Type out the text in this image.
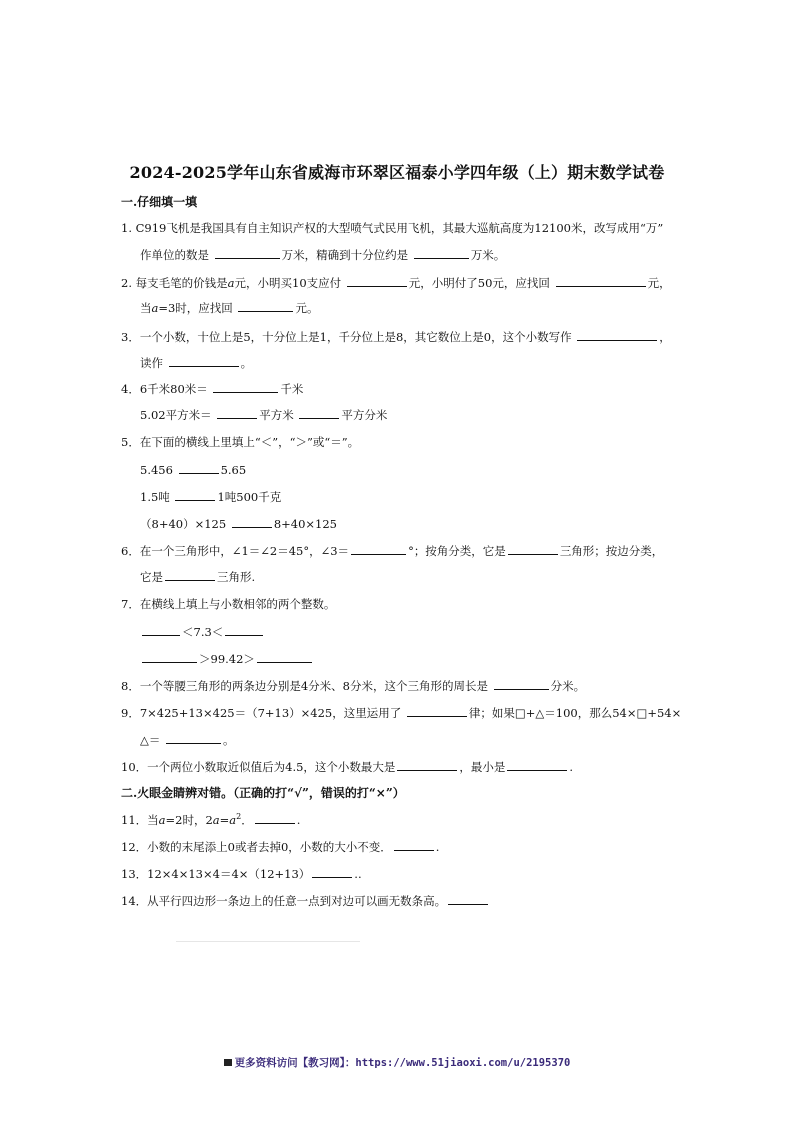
2024-2025学年山东省威海市环翠区福泰小学四年级（上）期末数学试卷
一.仔细填一填
1. C919飞机是我国具有自主知识产权的大型喷气式民用飞机，其最大巡航高度为12100米，改写成用“万”
作单位的数是	万米，精确到十分位约是	万米。
2. 每支毛笔的价钱是a元，小明买10支应付	元，小明付了50元，应找回	元，
当a=3时，应找回	元。
3．一个小数，十位上是5，十分位上是1，千分位上是8，其它数位上是0，这个小数写作	，
读作	。
4．6千米80米＝	千米
5.02平方米＝	平方米	平方分米
5．在下面的横线上里填上“＜”，“＞”或“＝”。
5.456	5.65
1.5吨	1吨500千克
（8+40）×125	8+40×125
6．在一个三角形中，∠1＝∠2＝45°，∠3＝	°；按角分类，它是	三角形；按边分类，
它是	三角形.
7．在横线上填上与小数相邻的两个整数。
＜7.3＜
＞99.42＞
8．一个等腰三角形的两条边分别是4分米、8分米，这个三角形的周长是	分米。
9．7×425+13×425＝（7+13）×425，这里运用了	律；如果□+△＝100，那么54×□+54×
△＝	。
10．一个两位小数取近似值后为4.5，这个小数最大是	，最小是	.
二.火眼金睛辨对错。（正确的打“√”，错误的打“×”）
11．当a=2时，$2a=a^2$．	.
12．小数的末尾添上0或者去掉0，小数的大小不变．	.
13．12×4×13×4＝4×（12+13）	..
14．从平行四边形一条边上的任意一点到对边可以画无数条高。
更多资料访问【教习网】：https://www.51jiaoxi.com/u/2195370
